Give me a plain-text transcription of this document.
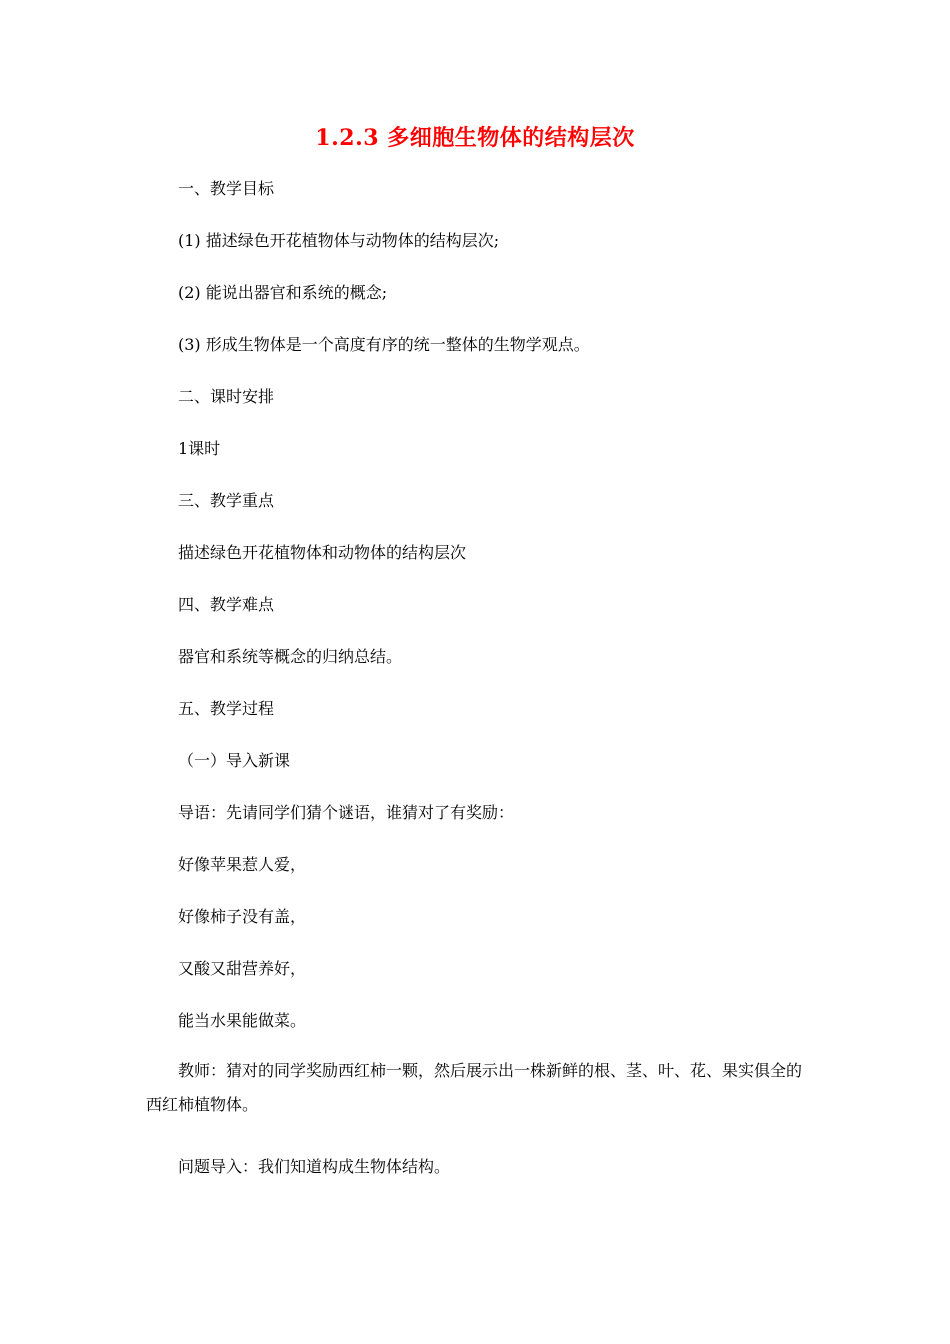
1.2.3 多细胞生物体的结构层次
一、教学目标
(1) 描述绿色开花植物体与动物体的结构层次;
(2) 能说出器官和系统的概念;
(3) 形成生物体是一个高度有序的统一整体的生物学观点。
二、课时安排
1课时
三、教学重点
描述绿色开花植物体和动物体的结构层次
四、教学难点
器官和系统等概念的归纳总结。
五、教学过程
（一）导入新课
导语：先请同学们猜个谜语，谁猜对了有奖励：
好像苹果惹人爱，
好像柿子没有盖，
又酸又甜营养好，
能当水果能做菜。
教师：猜对的同学奖励西红柿一颗，然后展示出一株新鲜的根、茎、叶、花、果实俱全的西红柿植物体。
问题导入：我们知道构成生物体结构。
